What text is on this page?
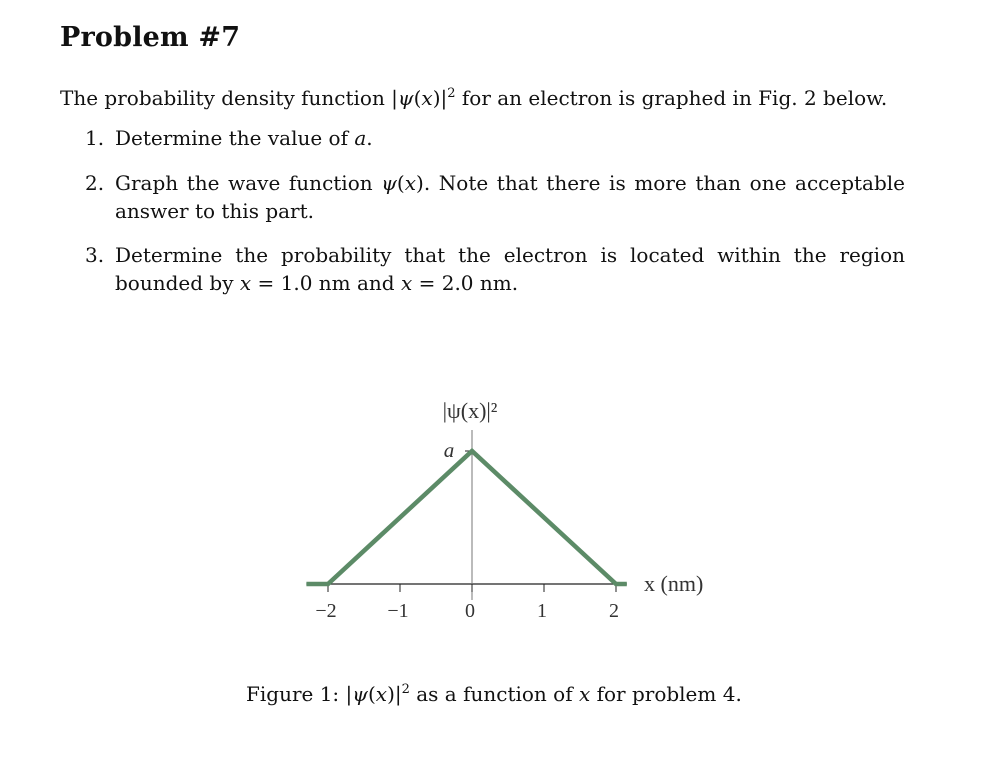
Problem #7

The probability density function $|\psi(x)|^2$ for an electron is graphed in Fig. 2 below.

1. Determine the value of a.
2. Graph the wave function ψ(x). Note that there is more than one acceptable answer to this part.
3. Determine the probability that the electron is located within the region bounded by x = 1.0 nm and x = 2.0 nm.
−2	−1	0	1	2
a
|ψ(x)|²
x (nm)

Figure 1: $|\psi(x)|^2$ as a function of x for problem 4.
